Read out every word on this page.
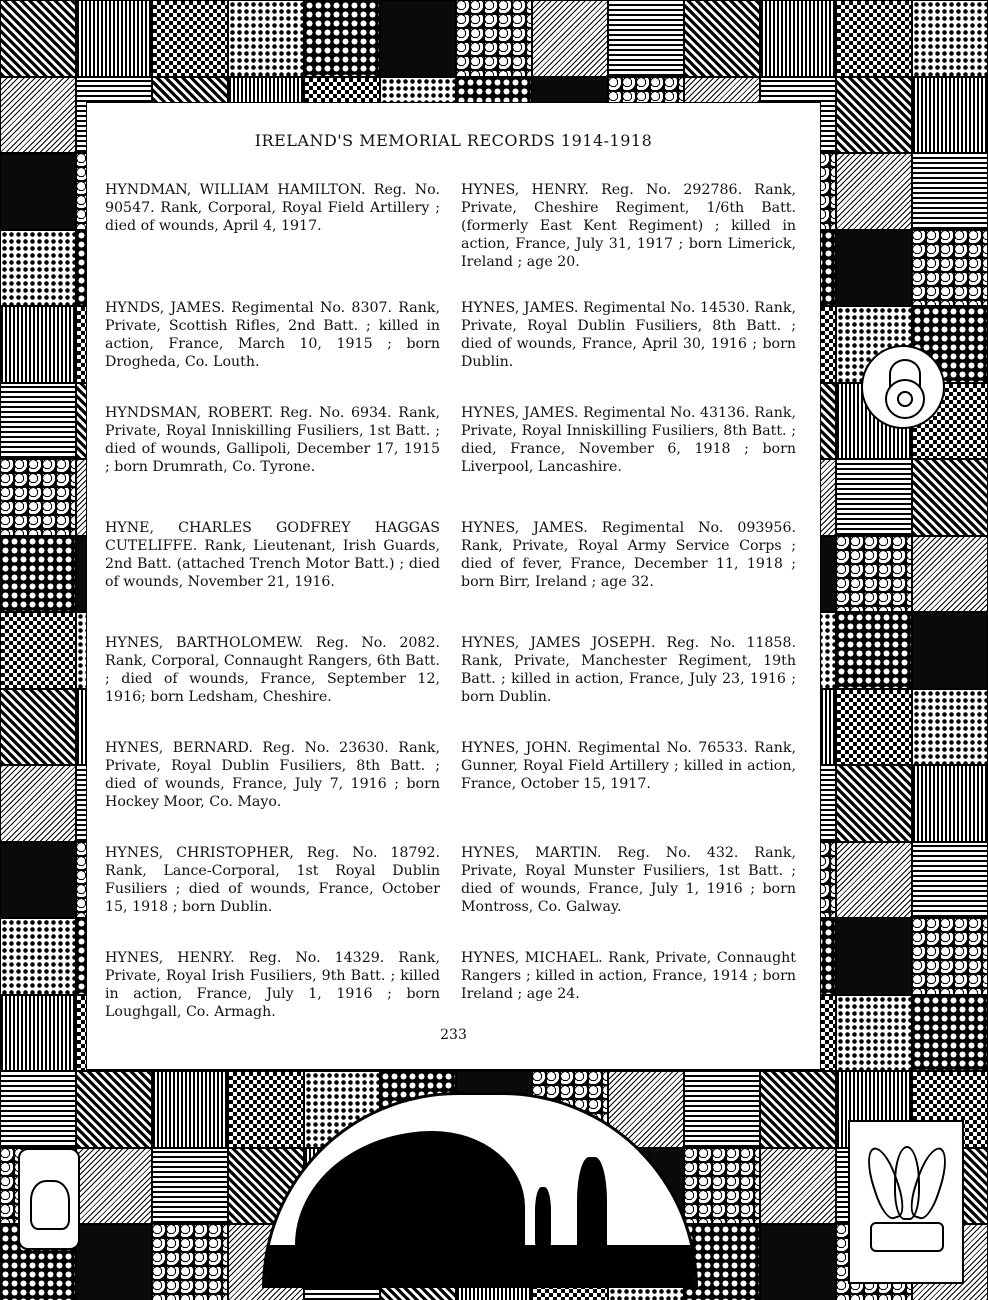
IRELAND'S MEMORIAL RECORDS 1914-1918
HYNDMAN, WILLIAM HAMILTON. Reg. No. 90547. Rank, Corporal, Royal Field Artillery ; died of wounds, April 4, 1917.
HYNDS, JAMES. Regimental No. 8307. Rank, Private, Scottish Rifles, 2nd Batt. ; killed in action, France, March 10, 1915 ; born Drogheda, Co. Louth.
HYNDSMAN, ROBERT. Reg. No. 6934. Rank, Private, Royal Inniskilling Fusiliers, 1st Batt. ; died of wounds, Gallipoli, December 17, 1915 ; born Drumrath, Co. Tyrone.
HYNE, CHARLES GODFREY HAGGAS CUTELIFFE. Rank, Lieutenant, Irish Guards, 2nd Batt. (attached Trench Motor Batt.) ; died of wounds, November 21, 1916.
HYNES, BARTHOLOMEW. Reg. No. 2082. Rank, Corporal, Connaught Rangers, 6th Batt. ; died of wounds, France, September 12, 1916; born Ledsham, Cheshire.
HYNES, BERNARD. Reg. No. 23630. Rank, Private, Royal Dublin Fusiliers, 8th Batt. ; died of wounds, France, July 7, 1916 ; born Hockey Moor, Co. Mayo.
HYNES, CHRISTOPHER, Reg. No. 18792. Rank, Lance-Corporal, 1st Royal Dublin Fusiliers ; died of wounds, France, October 15, 1918 ; born Dublin.
HYNES, HENRY. Reg. No. 14329. Rank, Private, Royal Irish Fusiliers, 9th Batt. ; killed in action, France, July 1, 1916 ; born Loughgall, Co. Armagh.
HYNES, HENRY. Reg. No. 292786. Rank, Private, Cheshire Regiment, 1/6th Batt. (formerly East Kent Regiment) ; killed in action, France, July 31, 1917 ; born Limerick, Ireland ; age 20.
HYNES, JAMES. Regimental No. 14530. Rank, Private, Royal Dublin Fusiliers, 8th Batt. ; died of wounds, France, April 30, 1916 ; born Dublin.
HYNES, JAMES. Regimental No. 43136. Rank, Private, Royal Inniskilling Fusiliers, 8th Batt. ; died, France, November 6, 1918 ; born Liverpool, Lancashire.
HYNES, JAMES. Regimental No. 093956. Rank, Private, Royal Army Service Corps ; died of fever, France, December 11, 1918 ; born Birr, Ireland ; age 32.
HYNES, JAMES JOSEPH. Reg. No. 11858. Rank, Private, Manchester Regiment, 19th Batt. ; killed in action, France, July 23, 1916 ; born Dublin.
HYNES, JOHN. Regimental No. 76533. Rank, Gunner, Royal Field Artillery ; killed in action, France, October 15, 1917.
HYNES, MARTIN. Reg. No. 432. Rank, Private, Royal Munster Fusiliers, 1st Batt. ; died of wounds, France, July 1, 1916 ; born Montross, Co. Galway.
HYNES, MICHAEL. Rank, Private, Connaught Rangers ; killed in action, France, 1914 ; born Ireland ; age 24.
233
